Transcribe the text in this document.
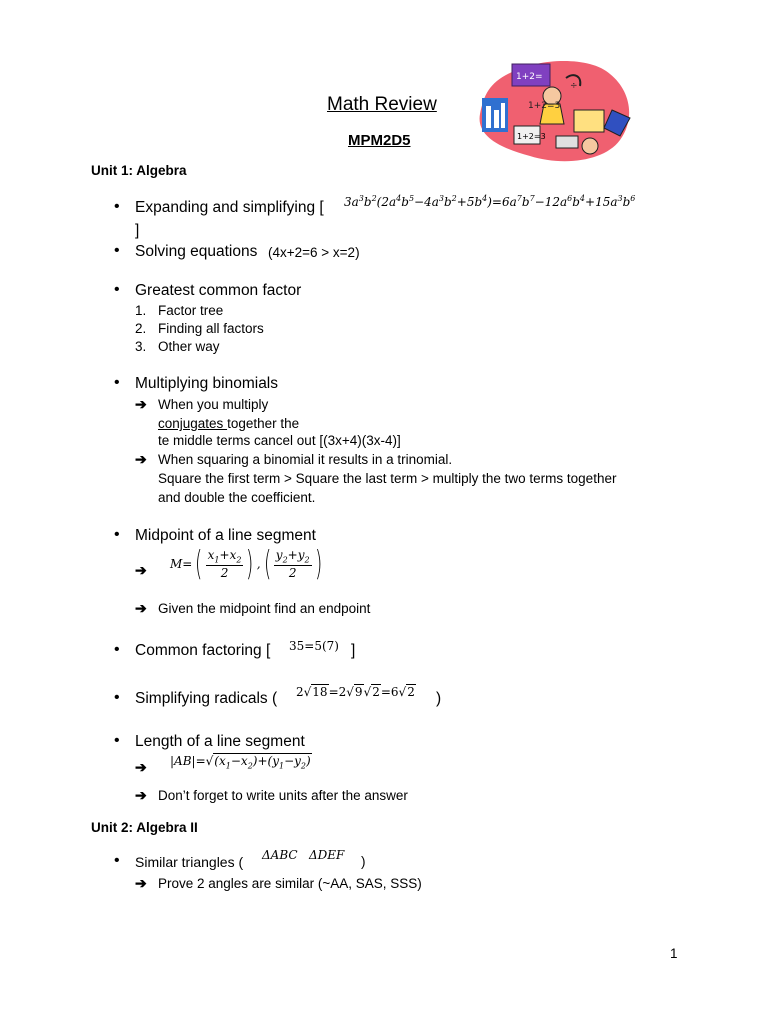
Math Review
MPM2D5
1+2=
1+2=3
÷
1+2=3
Unit 1: Algebra
• Expanding and simplifying [ $3a^3b^2(2a^4b^5-4a^3b^2+5b^4)=6a^7b^7-12a^6b^4+15a^3b^6$
]
• Solving equations (4x+2=6 > x=2)
• Greatest common factor
1. Factor tree
2. Finding all factors
3. Other way
• Multiplying binomials
➔ When you multiply
conjugates together the
te middle terms cancel out [(3x+4)(3x-4)]
➔ When squaring a binomial it results in a trinomial.
Square the first term > Square the last term > multiply the two terms together
and double the coefficient.
• Midpoint of a line segment
➔ $M=( \frac{x_1+x_2}{2}$ ) ,( $\frac{y_2+y_2}{2}$ )
➔ Given the midpoint find an endpoint
• Common factoring [ 35=5(7) ]
• Simplifying radicals ( 2√18=2√9√2=6√2 )
• Length of a line segment
➔ $|AB|=√(x_1-x_2)+(y_1-y_2)$
➔ Don’t forget to write units after the answer
Unit 2: Algebra II
• Similar triangles ( ΔABC   ΔDEF )
➔ Prove 2 angles are similar (~AA, SAS, SSS)
1
